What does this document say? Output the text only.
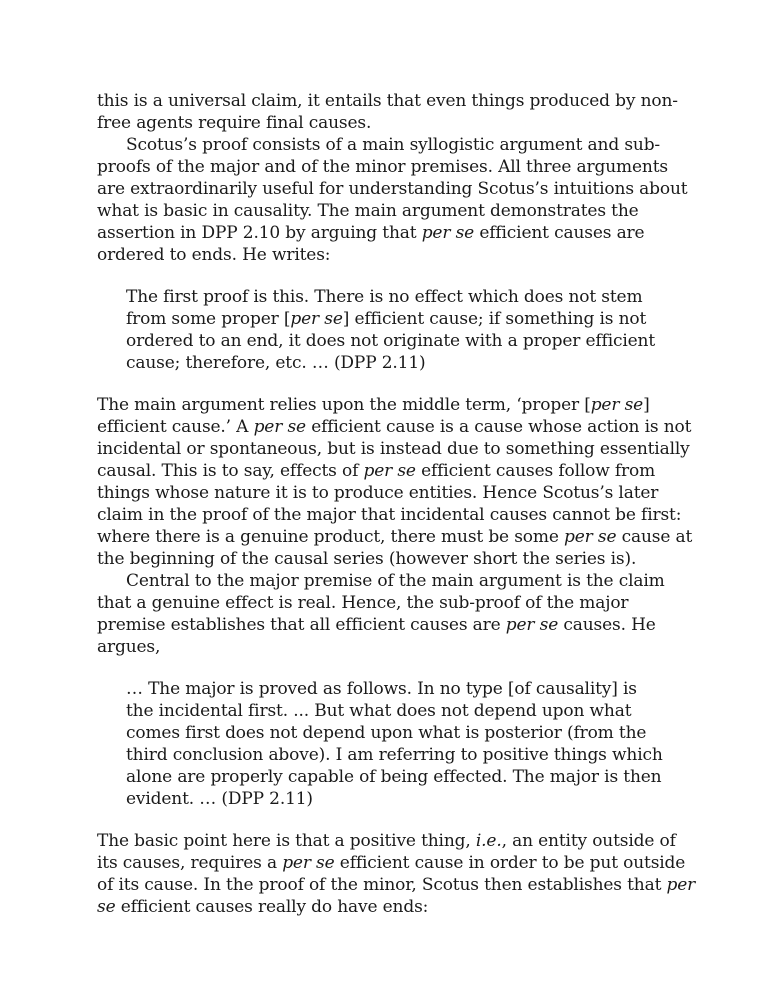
this is a universal claim, it entails that even things produced by non-free agents require final causes.

Scotus’s proof consists of a main syllogistic argument and sub-proofs of the major and of the minor premises. All three arguments are extraordinarily useful for understanding Scotus’s intuitions about what is basic in causality. The main argument demonstrates the assertion in DPP 2.10 by arguing that per se efficient causes are ordered to ends. He writes:

The first proof is this. There is no effect which does not stem from some proper [per se] efficient cause; if something is not ordered to an end, it does not originate with a proper efficient cause; therefore, etc. … (DPP 2.11)

The main argument relies upon the middle term, ‘proper [per se] efficient cause.’ A per se efficient cause is a cause whose action is not incidental or spontaneous, but is instead due to something essentially causal. This is to say, effects of per se efficient causes follow from things whose nature it is to produce entities. Hence Scotus’s later claim in the proof of the major that incidental causes cannot be first: where there is a genuine product, there must be some per se cause at the beginning of the causal series (however short the series is).

Central to the major premise of the main argument is the claim that a genuine effect is real. Hence, the sub-proof of the major premise establishes that all efficient causes are per se causes. He argues,

… The major is proved as follows. In no type [of causality] is the incidental first. ... But what does not depend upon what comes first does not depend upon what is posterior (from the third conclusion above). I am referring to positive things which alone are properly capable of being effected. The major is then evident. … (DPP 2.11)

The basic point here is that a positive thing, i.e., an entity outside of its causes, requires a per se efficient cause in order to be put outside of its cause. In the proof of the minor, Scotus then establishes that per se efficient causes really do have ends:
